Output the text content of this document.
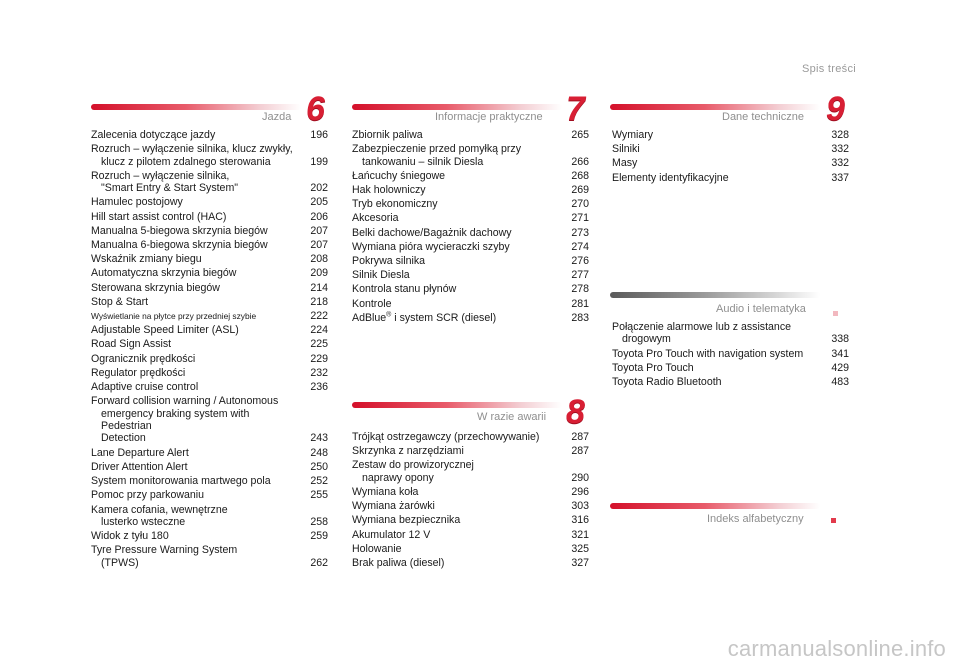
Spis treści
Jazda 6
Zalecenia dotyczące jazdy	196
Rozruch – wyłączenie silnika, klucz zwykły,
klucz z pilotem zdalnego sterowania	199
Rozruch – wyłączenie silnika,
"Smart Entry & Start System"	202
Hamulec postojowy	205
Hill start assist control (HAC)	206
Manualna 5-biegowa skrzynia biegów	207
Manualna 6-biegowa skrzynia biegów	207
Wskaźnik zmiany biegu	208
Automatyczna skrzynia biegów	209
Sterowana skrzynia biegów	214
Stop & Start	218
Wyświetlanie na płytce przy przedniej szybie	222
Adjustable Speed Limiter (ASL)	224
Road Sign Assist	225
Ogranicznik prędkości	229
Regulator prędkości	232
Adaptive cruise control	236
Forward collision warning / Autonomous
emergency braking system with Pedestrian
Detection	243
Lane Departure Alert	248
Driver Attention Alert	250
System monitorowania martwego pola	252
Pomoc przy parkowaniu	255
Kamera cofania, wewnętrzne
lusterko wsteczne	258
Widok z tyłu 180	259
Tyre Pressure Warning System
(TPWS)	262
Informacje praktyczne 7
Zbiornik paliwa	265
Zabezpieczenie przed pomyłką przy
tankowaniu – silnik Diesla	266
Łańcuchy śniegowe	268
Hak holowniczy	269
Tryb ekonomiczny	270
Akcesoria	271
Belki dachowe/Bagażnik dachowy	273
Wymiana pióra wycieraczki szyby	274
Pokrywa silnika	276
Silnik Diesla	277
Kontrola stanu płynów	278
Kontrole	281
AdBlue® i system SCR (diesel)	283
W razie awarii 8
Trójkąt ostrzegawczy (przechowywanie)	287
Skrzynka z narzędziami	287
Zestaw do prowizorycznej
naprawy opony	290
Wymiana koła	296
Wymiana żarówki	303
Wymiana bezpiecznika	316
Akumulator 12 V	321
Holowanie	325
Brak paliwa (diesel)	327
Dane techniczne 9
Wymiary	328
Silniki	332
Masy	332
Elementy identyfikacyjne	337
Audio i telematyka
Połączenie alarmowe lub z assistance
drogowym	338
Toyota Pro Touch with navigation system	341
Toyota Pro Touch	429
Toyota Radio Bluetooth	483
Indeks alfabetyczny
carmanualsonline.info
